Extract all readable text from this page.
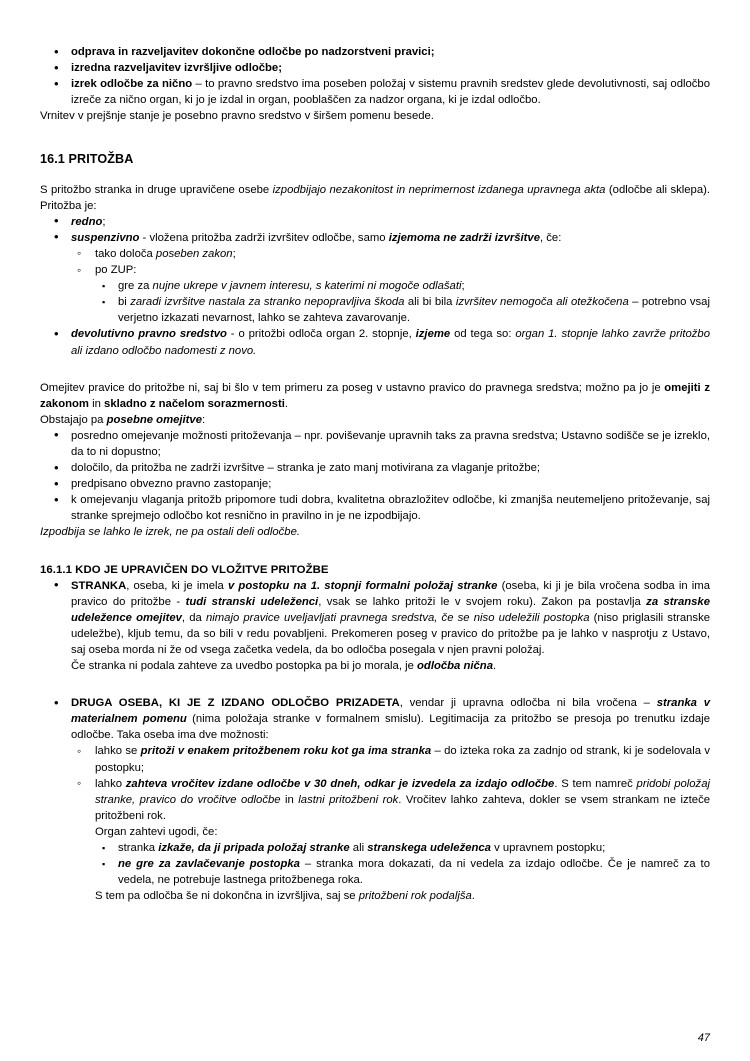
• odprava in razveljavitev dokončne odločbe po nadzorstveni pravici;
• izredna razveljavitev izvršljive odločbe;
• izrek odločbe za nično – to pravno sredstvo ima poseben položaj v sistemu pravnih sredstev glede devolutivnosti, saj odločbo izreče za nično organ, ki jo je izdal in organ, pooblaščen za nadzor organa, ki je izdal odločbo.

Vrnitev v prejšnje stanje je posebno pravno sredstvo v širšem pomenu besede.

16.1 PRITOŽBA

S pritožbo stranka in druge upravičene osebe izpodbijajo nezakonitost in neprimernost izdanega upravnega akta (odločbe ali sklepa). Pritožba je:

• redno;
• suspenzivno - vložena pritožba zadrži izvršitev odločbe, samo izjemoma ne zadrži izvršitve, če:
◦ tako določa poseben zakon;
◦ po ZUP:
▪ gre za nujne ukrepe v javnem interesu, s katerimi ni mogoče odlašati;
▪ bi zaradi izvršitve nastala za stranko nepopravljiva škoda ali bi bila izvršitev nemogoča ali otežkočena – potrebno vsaj verjetno izkazati nevarnost, lahko se zahteva zavarovanje.
• devolutivno pravno sredstvo - o pritožbi odloča organ 2. stopnje, izjeme od tega so: organ 1. stopnje lahko zavrže pritožbo ali izdano odločbo nadomesti z novo.

Omejitev pravice do pritožbe ni, saj bi šlo v tem primeru za poseg v ustavno pravico do pravnega sredstva; možno pa jo je omejiti z zakonom in skladno z načelom sorazmernosti.

Obstajajo pa posebne omejitve:

• posredno omejevanje možnosti pritoževanja – npr. poviševanje upravnih taks za pravna sredstva; Ustavno sodišče se je izreklo, da to ni dopustno;
• določilo, da pritožba ne zadrži izvršitve – stranka je zato manj motivirana za vlaganje pritožbe;
• predpisano obvezno pravno zastopanje;
• k omejevanju vlaganja pritožb pripomore tudi dobra, kvalitetna obrazložitev odločbe, ki zmanjša neutemeljeno pritoževanje, saj stranke sprejmejo odločbo kot resnično in pravilno in je ne izpodbijajo.

Izpodbija se lahko le izrek, ne pa ostali deli odločbe.

16.1.1 KDO JE UPRAVIČEN DO VLOŽITVE PRITOŽBE
• STRANKA, oseba, ki je imela v postopku na 1. stopnji formalni položaj stranke (oseba, ki ji je bila vročena sodba in ima pravico do pritožbe - tudi stranski udeleženci, vsak se lahko pritoži le v svojem roku). Zakon pa postavlja za stranske udeležence omejitev, da nimajo pravice uveljavljati pravnega sredstva, če se niso udeležili postopka (niso priglasili stranske udeležbe), kljub temu, da so bili v redu povabljeni. Prekomeren poseg v pravico do pritožbe pa je lahko v nasprotju z Ustavo, saj oseba morda ni že od vsega začetka vedela, da bo odločba posegala v njen pravni položaj.

Če stranka ni podala zahteve za uvedbo postopka pa bi jo morala, je odločba nična.

• DRUGA OSEBA, KI JE Z IZDANO ODLOČBO PRIZADETA, vendar ji upravna odločba ni bila vročena – stranka v materialnem pomenu (nima položaja stranke v formalnem smislu). Legitimacija za pritožbo se presoja po trenutku izdaje odločbe. Taka oseba ima dve možnosti:
◦ lahko se pritoži v enakem pritožbenem roku kot ga ima stranka – do izteka roka za zadnjo od strank, ki je sodelovala v postopku;
◦ lahko zahteva vročitev izdane odločbe v 30 dneh, odkar je izvedela za izdajo odločbe. S tem namreč pridobi položaj stranke, pravico do vročitve odločbe in lastni pritožbeni rok. Vročitev lahko zahteva, dokler se vsem strankam ne izteče pritožbeni rok.

Organ zahtevi ugodi, če:

▪ stranka izkaže, da ji pripada položaj stranke ali stranskega udeleženca v upravnem postopku;
▪ ne gre za zavlačevanje postopka – stranka mora dokazati, da ni vedela za izdajo odločbe. Če je namreč za to vedela, ne potrebuje lastnega pritožbenega roka.

S tem pa odločba še ni dokončna in izvršljiva, saj se pritožbeni rok podaljša.

47
